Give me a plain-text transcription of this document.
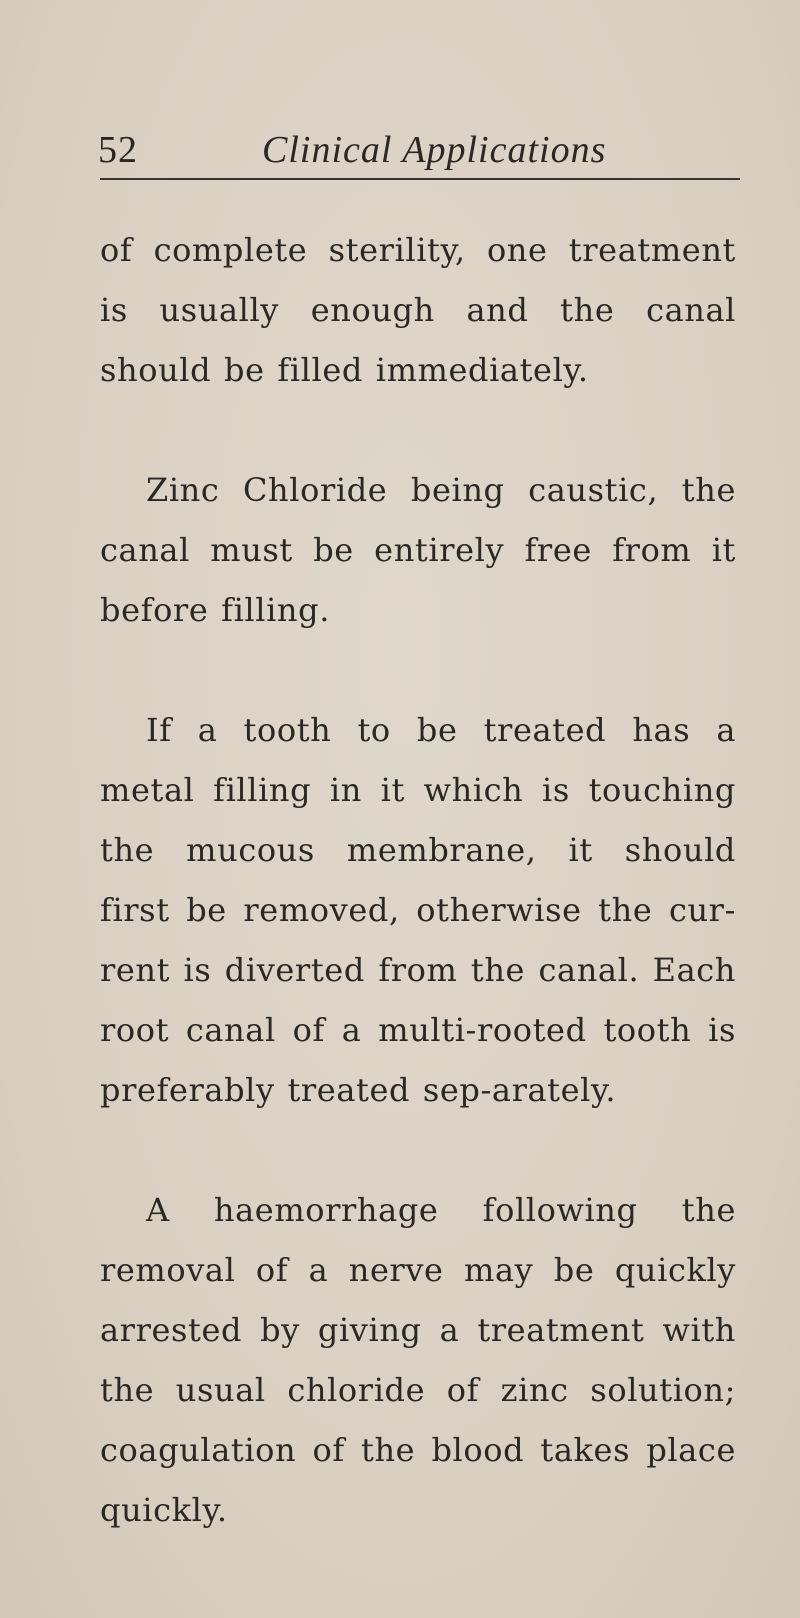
52	Clinical Applications

of complete sterility, one treatment is usually enough and the canal should be filled immediately.

Zinc Chloride being caustic, the canal must be entirely free from it before filling.

If a tooth to be treated has a metal filling in it which is touching the mucous membrane, it should first be removed, otherwise the cur-rent is diverted from the canal. Each root canal of a multi-rooted tooth is preferably treated sep-arately.

A haemorrhage following the removal of a nerve may be quickly arrested by giving a treatment with the usual chloride of zinc solution; coagulation of the blood takes place quickly.
